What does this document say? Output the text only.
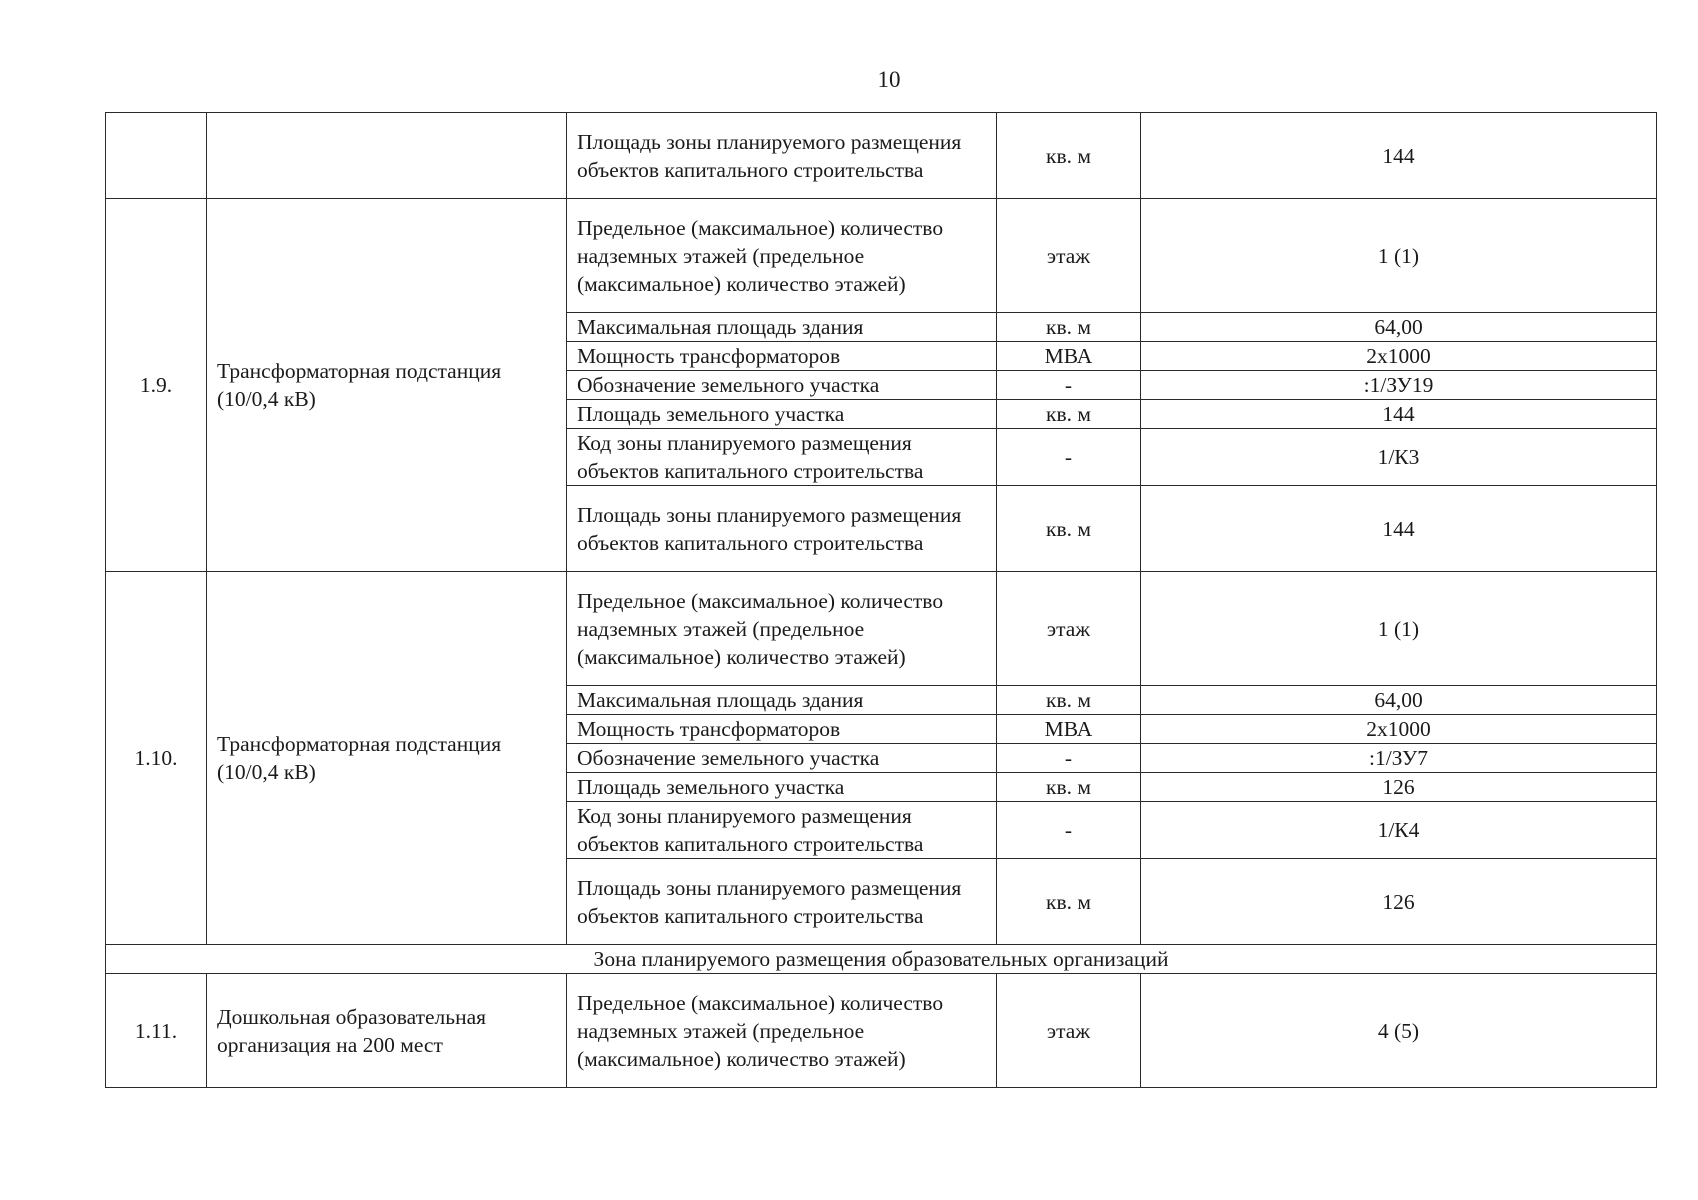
10
		Площадь зоны планируемого размещения объектов капитального строительства	кв. м	144
1.9.	Трансформаторная подстанция (10/0,4 кВ)	Предельное (максимальное) количество надземных этажей (предельное (максимальное) количество этажей)	этаж	1 (1)
		Максимальная площадь здания	кв. м	64,00
		Мощность трансформаторов	МВА	2х1000
		Обозначение земельного участка	-	:1/ЗУ19
		Площадь земельного участка	кв. м	144
		Код зоны планируемого размещения объектов капитального строительства	-	1/К3
		Площадь зоны планируемого размещения объектов капитального строительства	кв. м	144
1.10.	Трансформаторная подстанция (10/0,4 кВ)	Предельное (максимальное) количество надземных этажей (предельное (максимальное) количество этажей)	этаж	1 (1)
		Максимальная площадь здания	кв. м	64,00
		Мощность трансформаторов	МВА	2х1000
		Обозначение земельного участка	-	:1/ЗУ7
		Площадь земельного участка	кв. м	126
		Код зоны планируемого размещения объектов капитального строительства	-	1/К4
		Площадь зоны планируемого размещения объектов капитального строительства	кв. м	126
Зона планируемого размещения образовательных организаций				
1.11.	Дошкольная образовательная организация на 200 мест	Предельное (максимальное) количество надземных этажей (предельное (максимальное) количество этажей)	этаж	4 (5)
